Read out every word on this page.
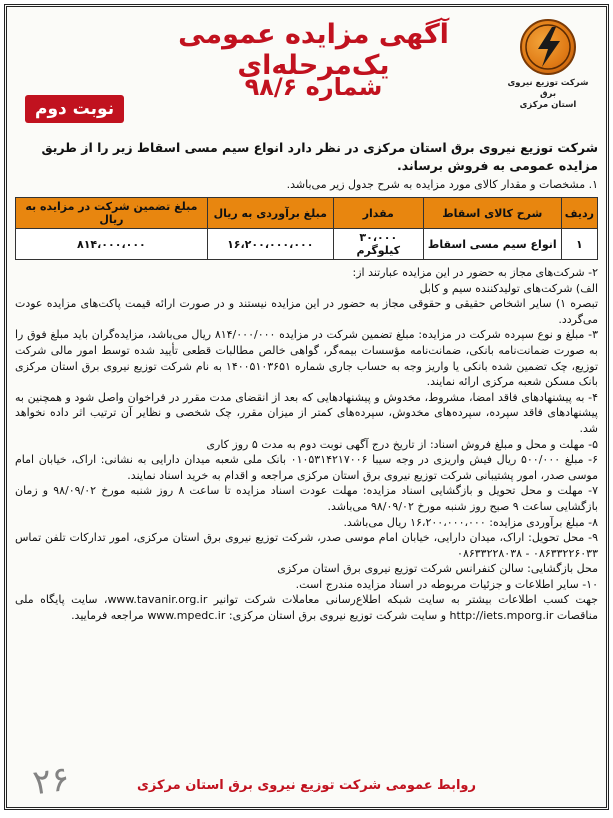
شرکت توزیع نیروی برق
استان مرکزی
آگهی مزایده عمومی یک‌مرحله‌ای
شماره ۹۸/۶
نوبت دوم
شرکت توزیع نیروی برق استان مرکزی در نظر دارد انواع سیم مسی اسقاط زیر را از طریق مزایده عمومی به فروش برساند.
۱. مشخصات و مقدار کالای مورد مزایده به شرح جدول زیر می‌باشد.
ردیف	شرح کالای اسقاط	مقدار	مبلغ برآوردی به ریال	مبلغ تضمین شرکت در مزایده به ریال
۱	انواع سیم مسی اسقاط	۳۰،۰۰۰ کیلوگرم	۱۶،۲۰۰،۰۰۰،۰۰۰	۸۱۴،۰۰۰،۰۰۰

۲- شرکت‌های مجاز به حضور در این مزایده عبارتند از:

الف) شرکت‌های تولیدکننده سیم و کابل

تبصره ۱) سایر اشخاص حقیقی و حقوقی مجاز به حضور در این مزایده نیستند و در صورت ارائه قیمت پاکت‌های مزایده عودت می‌گردد.

۳- مبلغ و نوع سپرده شرکت در مزایده: مبلغ تضمین شرکت در مزایده ۸۱۴/۰۰۰/۰۰۰ ریال می‌باشد، مزایده‌گران باید مبلغ فوق را به صورت ضمانت‌نامه بانکی، ضمانت‌نامه مؤسسات بیمه‌گر، گواهی خالص مطالبات قطعی تأیید شده توسط امور مالی شرکت توزیع، چک تضمین شده بانکی یا واریز وجه به حساب جاری شماره ۱۴۰۰۵۱۰۳۶۵۱ به نام شرکت توزیع نیروی برق استان مرکزی بانک مسکن شعبه مرکزی ارائه نمایند.

۴- به پیشنهادهای فاقد امضا، مشروط، مخدوش و پیشنهادهایی که بعد از انقضای مدت مقرر در فراخوان واصل شود و همچنین به پیشنهادهای فاقد سپرده، سپرده‌های مخدوش، سپرده‌های کمتر از میزان مقرر، چک شخصی و نظایر آن ترتیب اثر داده نخواهد شد.

۵- مهلت و محل و مبلغ فروش اسناد: از تاریخ درج آگهی نوبت دوم به مدت ۵ روز کاری

۶- مبلغ ۵۰۰/۰۰۰ ریال فیش واریزی در وجه سیبا ۰۱۰۵۳۱۴۲۱۷۰۰۶ بانک ملی شعبه میدان دارایی به نشانی: اراک، خیابان امام موسی صدر، امور پشتیبانی شرکت توزیع نیروی برق استان مرکزی مراجعه و اقدام به خرید اسناد نمایند.

۷- مهلت و محل تحویل و بازگشایی اسناد مزایده: مهلت عودت اسناد مزایده تا ساعت ۸ روز شنبه مورخ ۹۸/۰۹/۰۲ و زمان بازگشایی ساعت ۹ صبح روز شنبه مورخ ۹۸/۰۹/۰۲ می‌باشد.

۸- مبلغ برآوردی مزایده: ۱۶،۲۰۰،۰۰۰،۰۰۰ ریال می‌باشد.

۹- محل تحویل: اراک، میدان دارایی، خیابان امام موسی صدر، شرکت توزیع نیروی برق استان مرکزی، امور تدارکات تلفن تماس ۰۸۶۳۳۲۲۶۰۳۳ - ۰۸۶۳۳۲۲۸۰۳۸

محل بازگشایی: سالن کنفرانس شرکت توزیع نیروی برق استان مرکزی

۱۰- سایر اطلاعات و جزئیات مربوطه در اسناد مزایده مندرج است.

جهت کسب اطلاعات بیشتر به سایت شبکه اطلاع‌رسانی معاملات شرکت توانیر www.tavanir.org.ir، سایت پایگاه ملی مناقصات http://iets.mporg.ir و سایت شرکت توزیع نیروی برق استان مرکزی: www.mpedc.ir مراجعه فرمایید.

روابط عمومی شرکت توزیع نیروی برق استان مرکزی
۲۶
